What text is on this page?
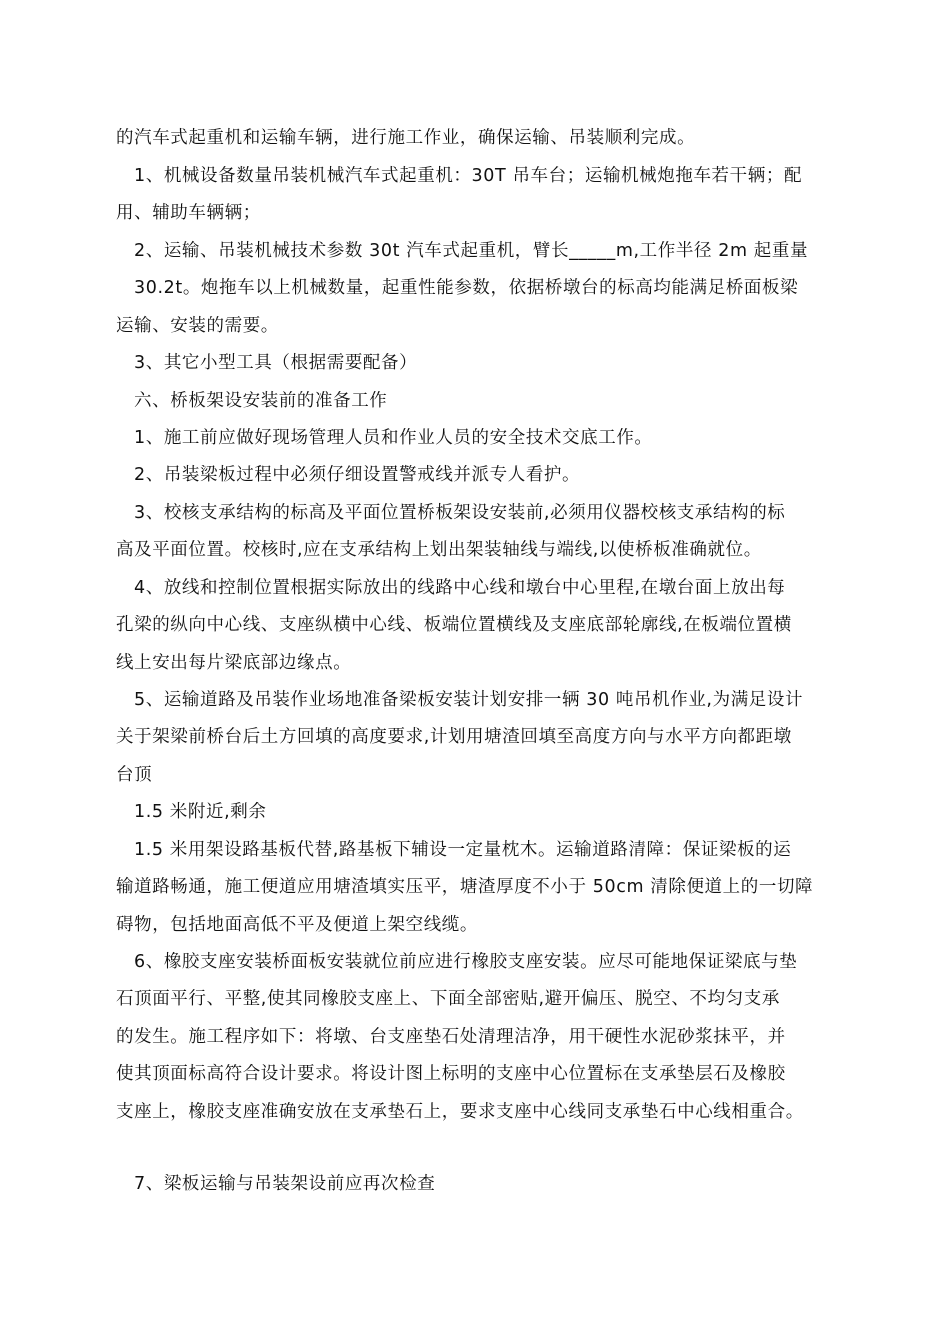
的汽车式起重机和运输车辆，进行施工作业，确保运输、吊装顺利完成。
1、机械设备数量吊装机械汽车式起重机：30T 吊车台；运输机械炮拖车若干辆；配
用、辅助车辆辆；
2、运输、吊装机械技术参数 30t 汽车式起重机，臂长_____m,工作半径 2m 起重量
30.2t。炮拖车以上机械数量，起重性能参数，依据桥墩台的标高均能满足桥面板梁
运输、安装的需要。
3、其它小型工具（根据需要配备）
六、桥板架设安装前的准备工作
1、施工前应做好现场管理人员和作业人员的安全技术交底工作。
2、吊装梁板过程中必须仔细设置警戒线并派专人看护。
3、校核支承结构的标高及平面位置桥板架设安装前,必须用仪器校核支承结构的标
高及平面位置。校核时,应在支承结构上划出架装轴线与端线,以使桥板准确就位。
4、放线和控制位置根据实际放出的线路中心线和墩台中心里程,在墩台面上放出每
孔梁的纵向中心线、支座纵横中心线、板端位置横线及支座底部轮廓线,在板端位置横
线上安出每片梁底部边缘点。
5、运输道路及吊装作业场地准备梁板安装计划安排一辆 30 吨吊机作业,为满足设计
关于架梁前桥台后土方回填的高度要求,计划用塘渣回填至高度方向与水平方向都距墩
台顶
1.5 米附近,剩余
1.5 米用架设路基板代替,路基板下辅设一定量枕木。运输道路清障：保证梁板的运
输道路畅通，施工便道应用塘渣填实压平，塘渣厚度不小于 50cm 清除便道上的一切障
碍物，包括地面高低不平及便道上架空线缆。
6、橡胶支座安装桥面板安装就位前应进行橡胶支座安装。应尽可能地保证梁底与垫
石顶面平行、平整,使其同橡胶支座上、下面全部密贴,避开偏压、脱空、不均匀支承
的发生。施工程序如下：将墩、台支座垫石处清理洁净，用干硬性水泥砂浆抹平，并
使其顶面标高符合设计要求。将设计图上标明的支座中心位置标在支承垫层石及橡胶
支座上，橡胶支座准确安放在支承垫石上，要求支座中心线同支承垫石中心线相重合。
7、梁板运输与吊装架设前应再次检查
